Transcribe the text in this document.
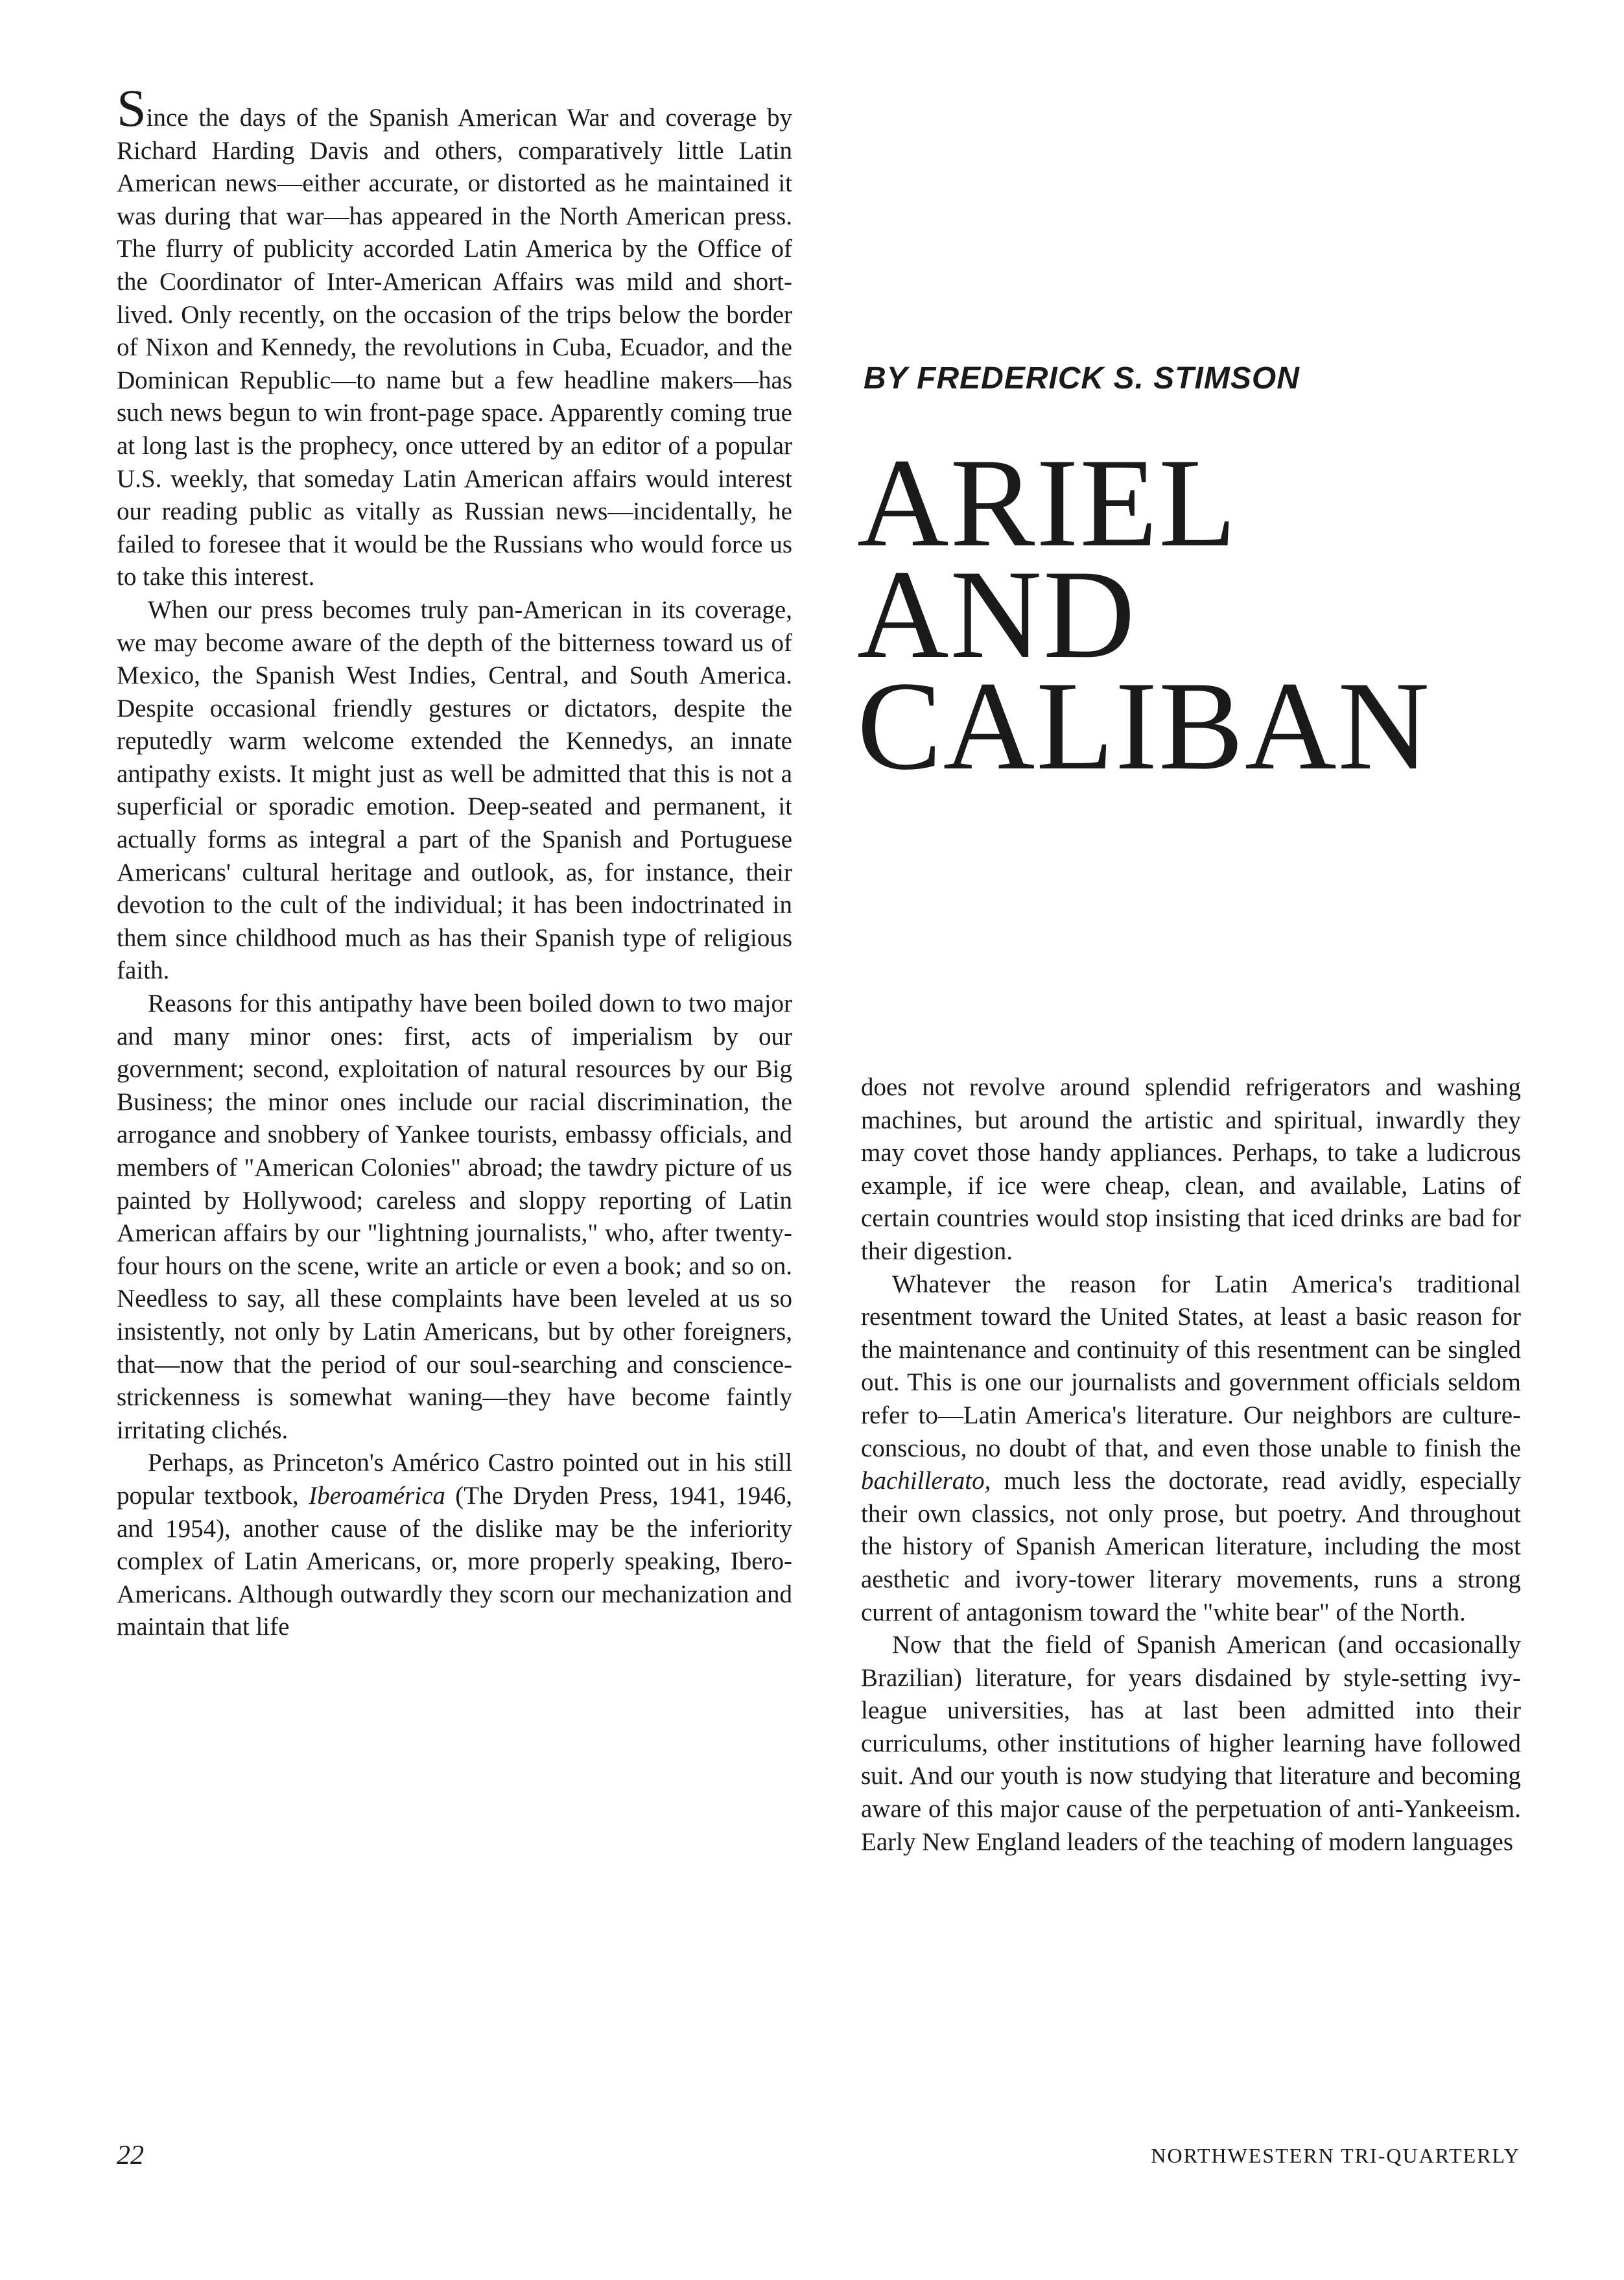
Since the days of the Spanish American War and coverage by Richard Harding Davis and others, comparatively little Latin American news—either accurate, or distorted as he maintained it was during that war—has appeared in the North American press. The flurry of publicity accorded Latin America by the Office of the Coordinator of Inter-American Affairs was mild and short-lived. Only recently, on the occasion of the trips below the border of Nixon and Kennedy, the revolutions in Cuba, Ecuador, and the Dominican Republic—to name but a few headline makers—has such news begun to win front-page space. Apparently coming true at long last is the prophecy, once uttered by an editor of a popular U.S. weekly, that someday Latin American affairs would interest our reading public as vitally as Russian news—incidentally, he failed to foresee that it would be the Russians who would force us to take this interest.

When our press becomes truly pan-American in its coverage, we may become aware of the depth of the bitterness toward us of Mexico, the Spanish West Indies, Central, and South America. Despite occasional friendly gestures or dictators, despite the reputedly warm welcome extended the Kennedys, an innate antipathy exists. It might just as well be admitted that this is not a superficial or sporadic emotion. Deep-seated and permanent, it actually forms as integral a part of the Spanish and Portuguese Americans' cultural heritage and outlook, as, for instance, their devotion to the cult of the individual; it has been indoctrinated in them since childhood much as has their Spanish type of religious faith.

Reasons for this antipathy have been boiled down to two major and many minor ones: first, acts of imperialism by our government; second, exploitation of natural resources by our Big Business; the minor ones include our racial discrimination, the arrogance and snobbery of Yankee tourists, embassy officials, and members of "American Colonies" abroad; the tawdry picture of us painted by Hollywood; careless and sloppy reporting of Latin American affairs by our "lightning journalists," who, after twenty-four hours on the scene, write an article or even a book; and so on. Needless to say, all these complaints have been leveled at us so insistently, not only by Latin Americans, but by other foreigners, that—now that the period of our soul-searching and conscience-strickenness is somewhat waning—they have become faintly irritating clichés.

Perhaps, as Princeton's Américo Castro pointed out in his still popular textbook, Iberoamérica (The Dryden Press, 1941, 1946, and 1954), another cause of the dislike may be the inferiority complex of Latin Americans, or, more properly speaking, Ibero-Americans. Although outwardly they scorn our mechanization and maintain that life

BY FREDERICK S. STIMSON
ARIEL
AND
CALIBAN

does not revolve around splendid refrigerators and washing machines, but around the artistic and spiritual, inwardly they may covet those handy appliances. Perhaps, to take a ludicrous example, if ice were cheap, clean, and available, Latins of certain countries would stop insisting that iced drinks are bad for their digestion.

Whatever the reason for Latin America's traditional resentment toward the United States, at least a basic reason for the maintenance and continuity of this resentment can be singled out. This is one our journalists and government officials seldom refer to—Latin America's literature. Our neighbors are culture-conscious, no doubt of that, and even those unable to finish the bachillerato, much less the doctorate, read avidly, especially their own classics, not only prose, but poetry. And throughout the history of Spanish American literature, including the most aesthetic and ivory-tower literary movements, runs a strong current of antagonism toward the "white bear" of the North.

Now that the field of Spanish American (and occasionally Brazilian) literature, for years disdained by style-setting ivy-league universities, has at last been admitted into their curriculums, other institutions of higher learning have followed suit. And our youth is now studying that literature and becoming aware of this major cause of the perpetuation of anti-Yankeeism. Early New England leaders of the teaching of modern languages

22	NORTHWESTERN TRI-QUARTERLY
